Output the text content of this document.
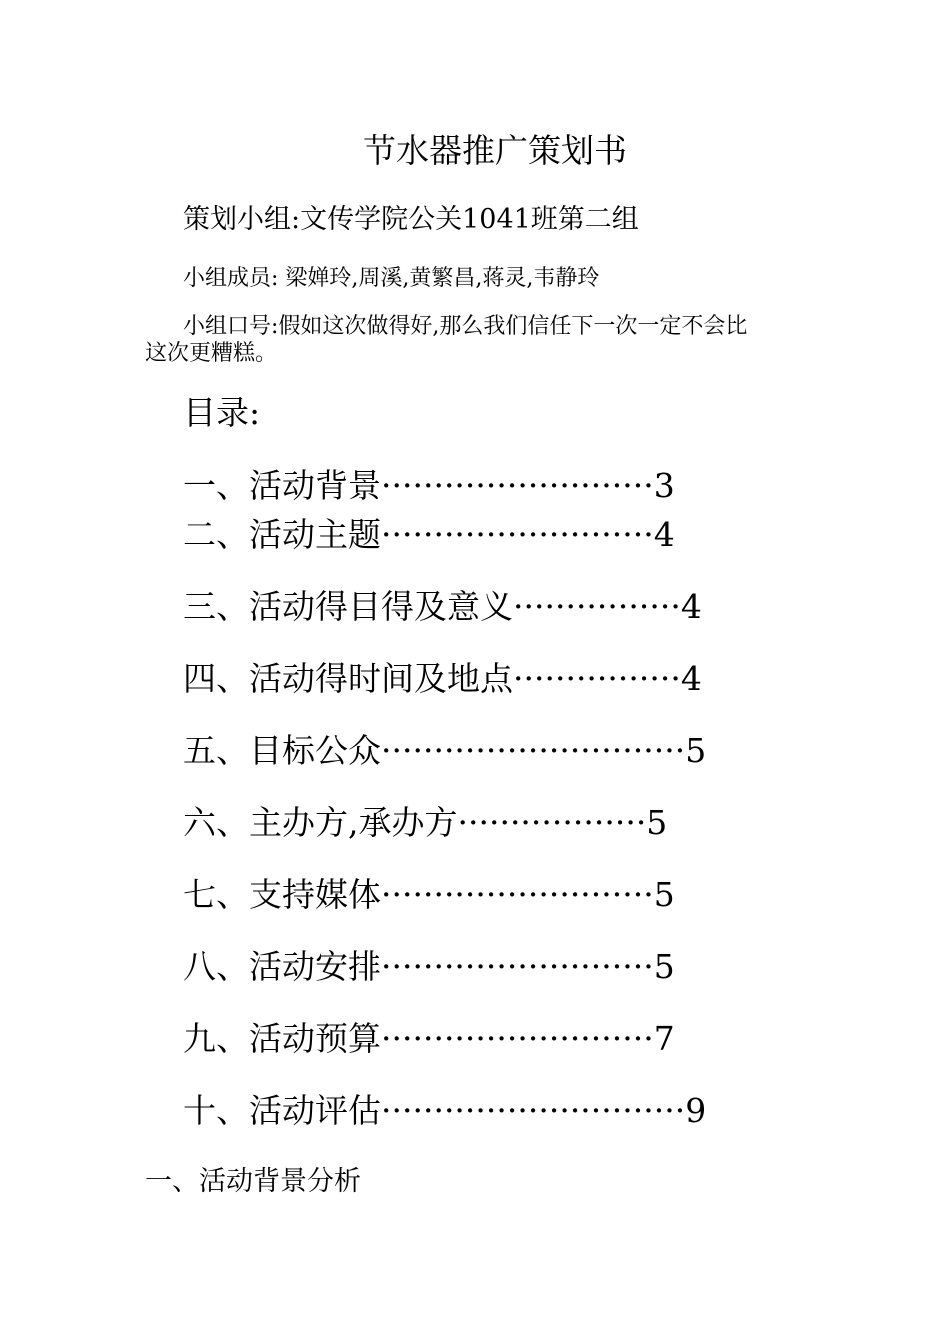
节水器推广策划书
策划小组:文传学院公关1041班第二组
小组成员: 梁婵玲,周溪,黄繁昌,蒋灵,韦静玲
小组口号:假如这次做得好,那么我们信任下一次一定不会比
这次更糟糕。
目录:
一、活动背景··························3
二、活动主题··························4
三、活动得目得及意义················4
四、活动得时间及地点················4
五、目标公众·····························5
六、主办方,承办方··················5
七、支持媒体··························5
八、活动安排··························5
九、活动预算··························7
十、活动评估·····························9
一、活动背景分析
